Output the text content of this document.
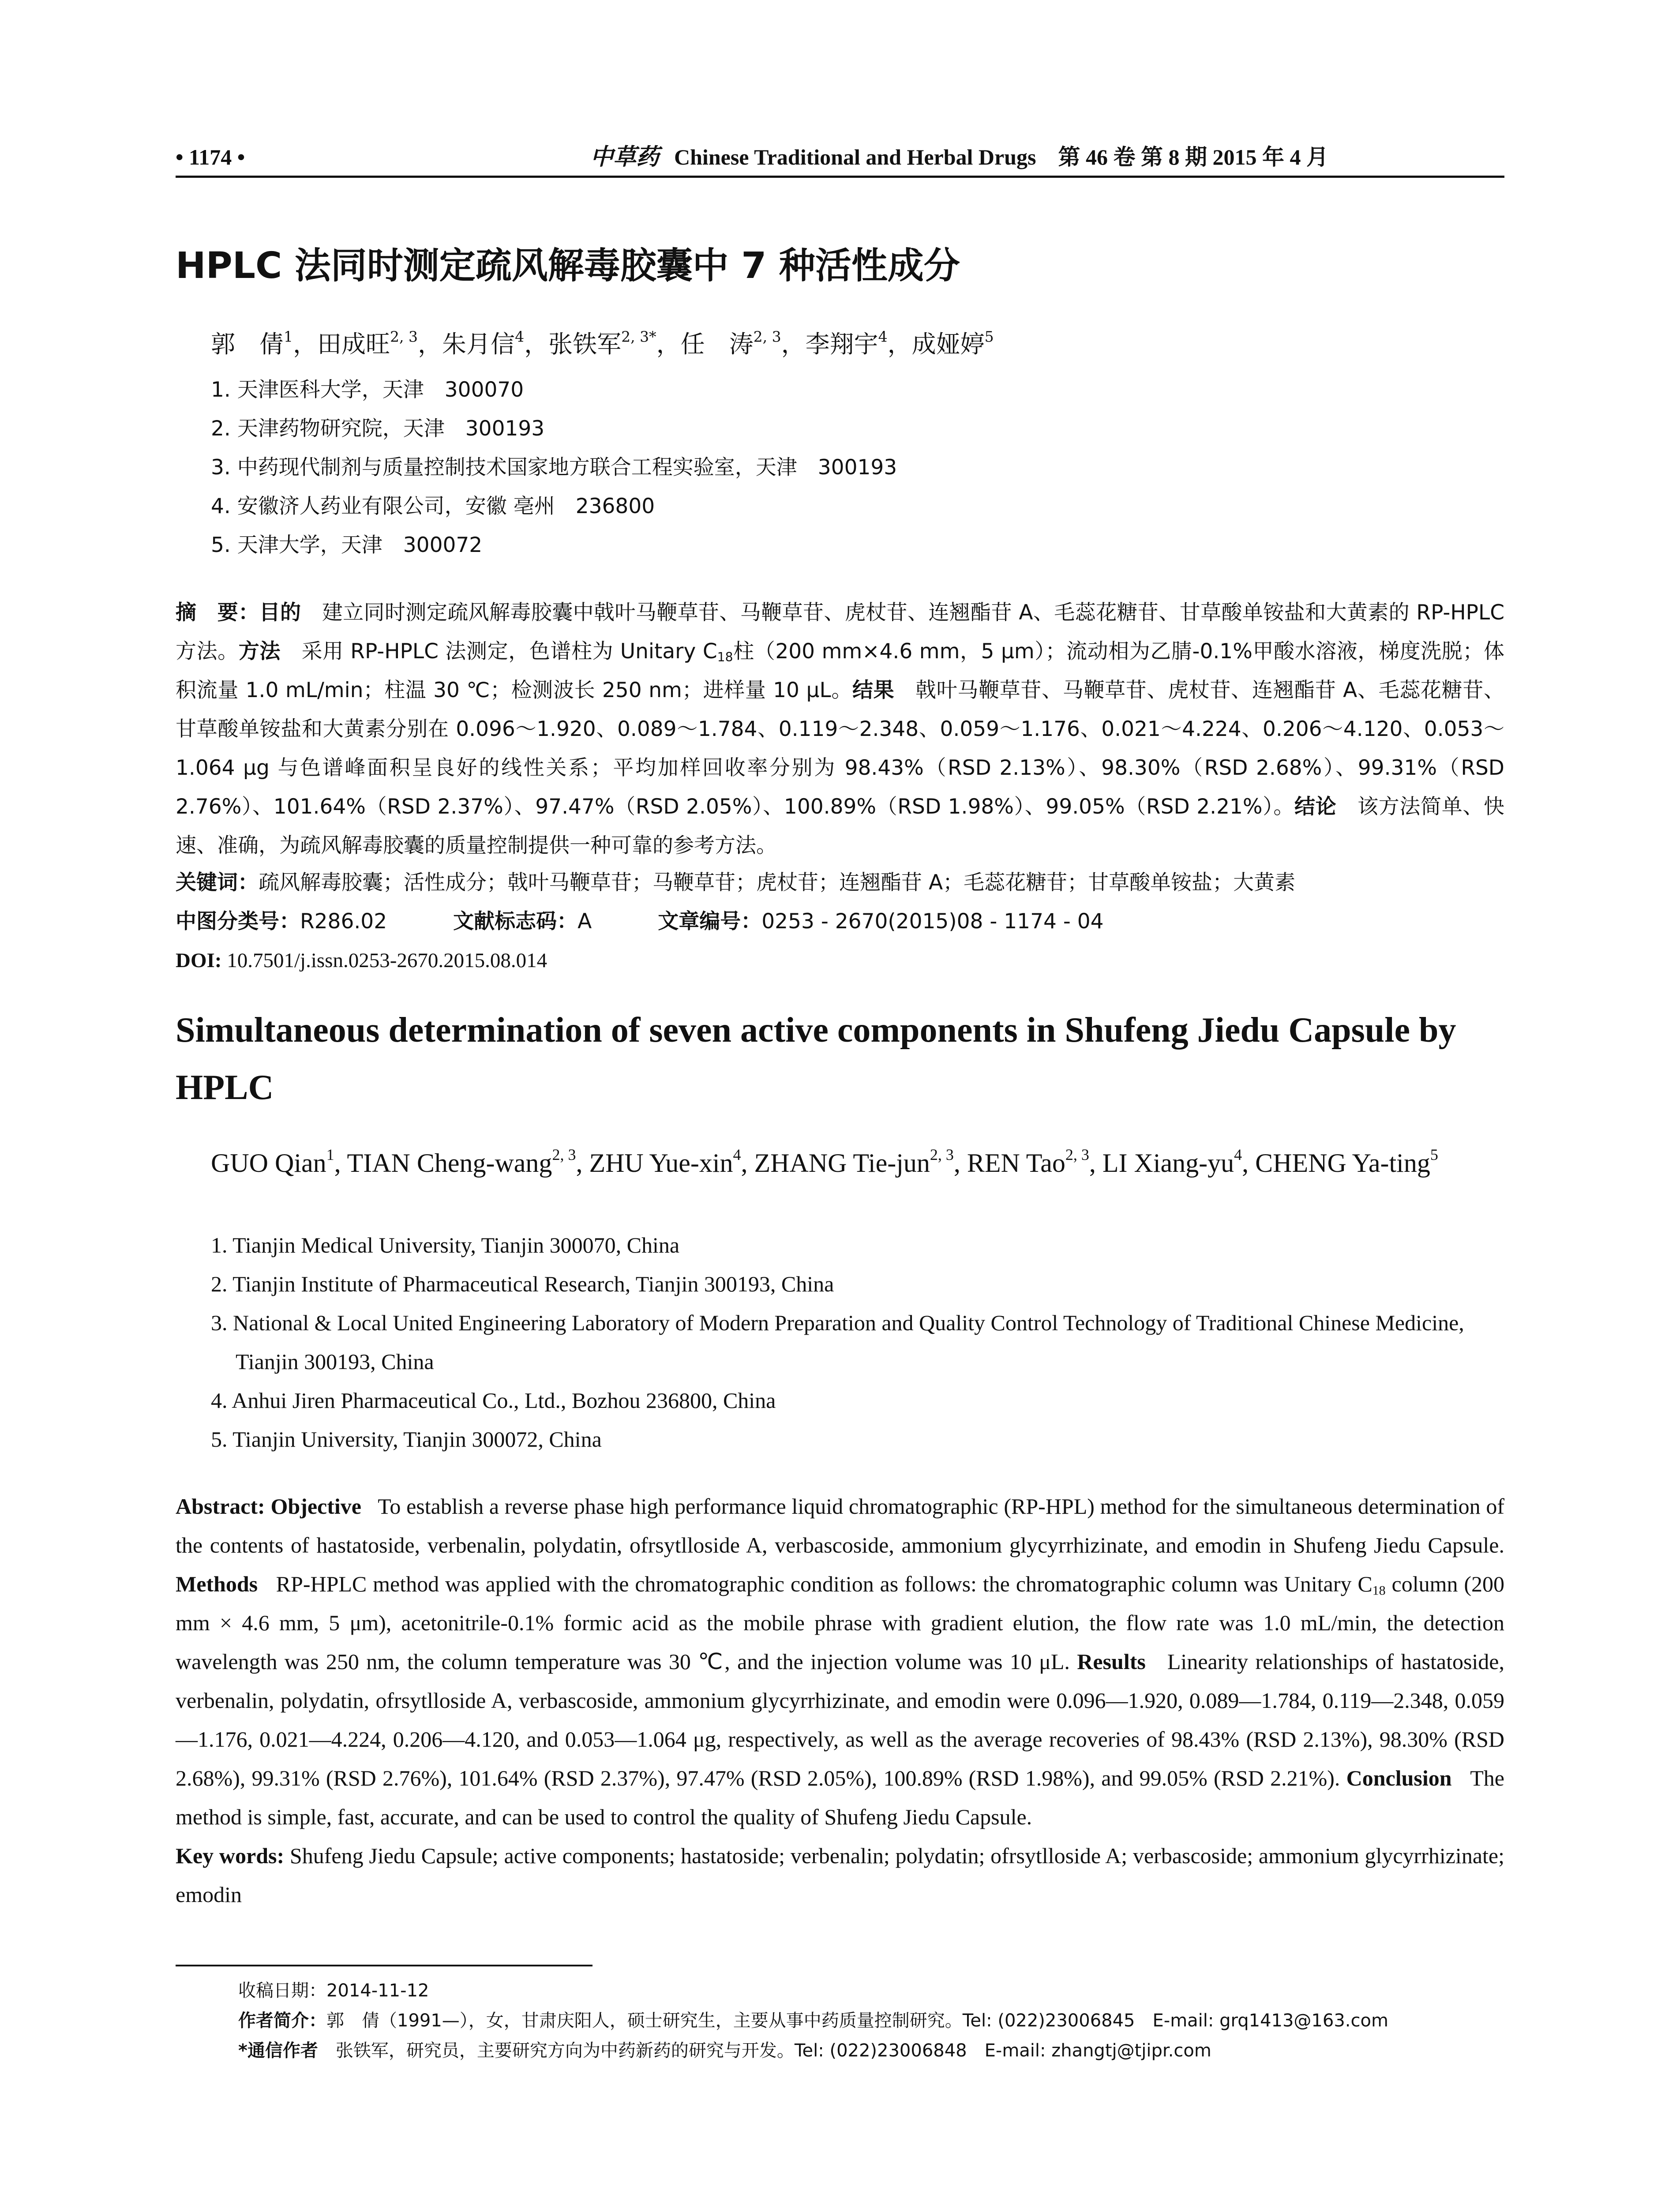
• 1174 •	中草药 Chinese Traditional and Herbal Drugs　 第 46 卷 第 8 期 2015 年 4 月
HPLC 法同时测定疏风解毒胶囊中 7 种活性成分
郭　倩$^1$，田成旺$^{2, 3}$，朱月信$^4$，张铁军$^{2, 3*}$，任　涛$^{2, 3}$，李翔宇$^4$，成娅婷$^5$
1. 天津医科大学，天津　300070
2. 天津药物研究院，天津　300193
3. 中药现代制剂与质量控制技术国家地方联合工程实验室，天津　300193
4. 安徽济人药业有限公司，安徽 亳州　236800
5. 天津大学，天津　300072
摘　要：目的　 建立同时测定疏风解毒胶囊中戟叶马鞭草苷、马鞭草苷、虎杖苷、连翘酯苷 A、毛蕊花糖苷、甘草酸单铵盐和大黄素的 RP-HPLC 方法。方法　 采用 RP-HPLC 法测定，色谱柱为 Unitary $C_{18}$柱（200 mm×4.6 mm，5 μm）；流动相为乙腈-0.1%甲酸水溶液，梯度洗脱；体积流量 1.0 mL/min；柱温 30 ℃；检测波长 250 nm；进样量 10 μL。结果　 戟叶马鞭草苷、马鞭草苷、虎杖苷、连翘酯苷 A、毛蕊花糖苷、甘草酸单铵盐和大黄素分别在 0.096～1.920、0.089～1.784、0.119～2.348、0.059～1.176、0.021～4.224、0.206～4.120、0.053～1.064 μg 与色谱峰面积呈良好的线性关系；平均加样回收率分别为 98.43%（RSD 2.13%）、98.30%（RSD 2.68%）、99.31%（RSD 2.76%）、101.64%（RSD 2.37%）、97.47%（RSD 2.05%）、100.89%（RSD 1.98%）、99.05%（RSD 2.21%）。结论　 该方法简单、快速、准确，为疏风解毒胶囊的质量控制提供一种可靠的参考方法。
关键词：疏风解毒胶囊；活性成分；戟叶马鞭草苷；马鞭草苷；虎杖苷；连翘酯苷 A；毛蕊花糖苷；甘草酸单铵盐；大黄素
中图分类号：R286.02	文献标志码：A	文章编号：0253 - 2670(2015)08 - 1174 - 04
DOI: 10.7501/j.issn.0253-2670.2015.08.014
Simultaneous determination of seven active components in Shufeng Jiedu Capsule by HPLC
GUO Qian$^1$, TIAN Cheng-wang$^{2, 3}$, ZHU Yue-xin$^4$, ZHANG Tie-jun$^{2, 3}$, REN Tao$^{2, 3}$, LI Xiang-$yu^4$, CHENG Ya-ting$^5$
1. Tianjin Medical University, Tianjin 300070, China
2. Tianjin Institute of Pharmaceutical Research, Tianjin 300193, China
3. National & Local United Engineering Laboratory of Modern Preparation and Quality Control Technology of Traditional Chinese Medicine, Tianjin 300193, China
4. Anhui Jiren Pharmaceutical Co., Ltd., Bozhou 236800, China
5. Tianjin University, Tianjin 300072, China
Abstract: Objective To establish a reverse phase high performance liquid chromatographic (RP-HPL) method for the simultaneous determination of the contents of hastatoside, verbenalin, polydatin, ofrsytlloside A, verbascoside, ammonium glycyrrhizinate, and emodin in Shufeng Jiedu Capsule. Methods RP-HPLC method was applied with the chromatographic condition as follows: the chromatographic column was Unitary $C_{18}$ column (200 mm × 4.6 mm, 5 μm), acetonitrile-0.1% formic acid as the mobile phrase with gradient elution, the flow rate was 1.0 mL/min, the detection wavelength was 250 nm, the column temperature was 30 ℃, and the injection volume was 10 μL. Results Linearity relationships of hastatoside, verbenalin, polydatin, ofrsytlloside A, verbascoside, ammonium glycyrrhizinate, and emodin were 0.096—1.920, 0.089—1.784, 0.119—2.348, 0.059—1.176, 0.021—4.224, 0.206—4.120, and 0.053—1.064 μg, respectively, as well as the average recoveries of 98.43% (RSD 2.13%), 98.30% (RSD 2.68%), 99.31% (RSD 2.76%), 101.64% (RSD 2.37%), 97.47% (RSD 2.05%), 100.89% (RSD 1.98%), and 99.05% (RSD 2.21%). Conclusion The method is simple, fast, accurate, and can be used to control the quality of Shufeng Jiedu Capsule.
Key words: Shufeng Jiedu Capsule; active components; hastatoside; verbenalin; polydatin; ofrsytlloside A; verbascoside; ammonium glycyrrhizinate; emodin
收稿日期：2014-11-12
作者简介：郭　倩（1991—），女，甘肃庆阳人，硕士研究生，主要从事中药质量控制研究。Tel: (022)23006845　E-mail: grq1413@163.com
*通信作者　 张铁军，研究员，主要研究方向为中药新药的研究与开发。Tel: (022)23006848　E-mail: zhangtj@tjipr.com
